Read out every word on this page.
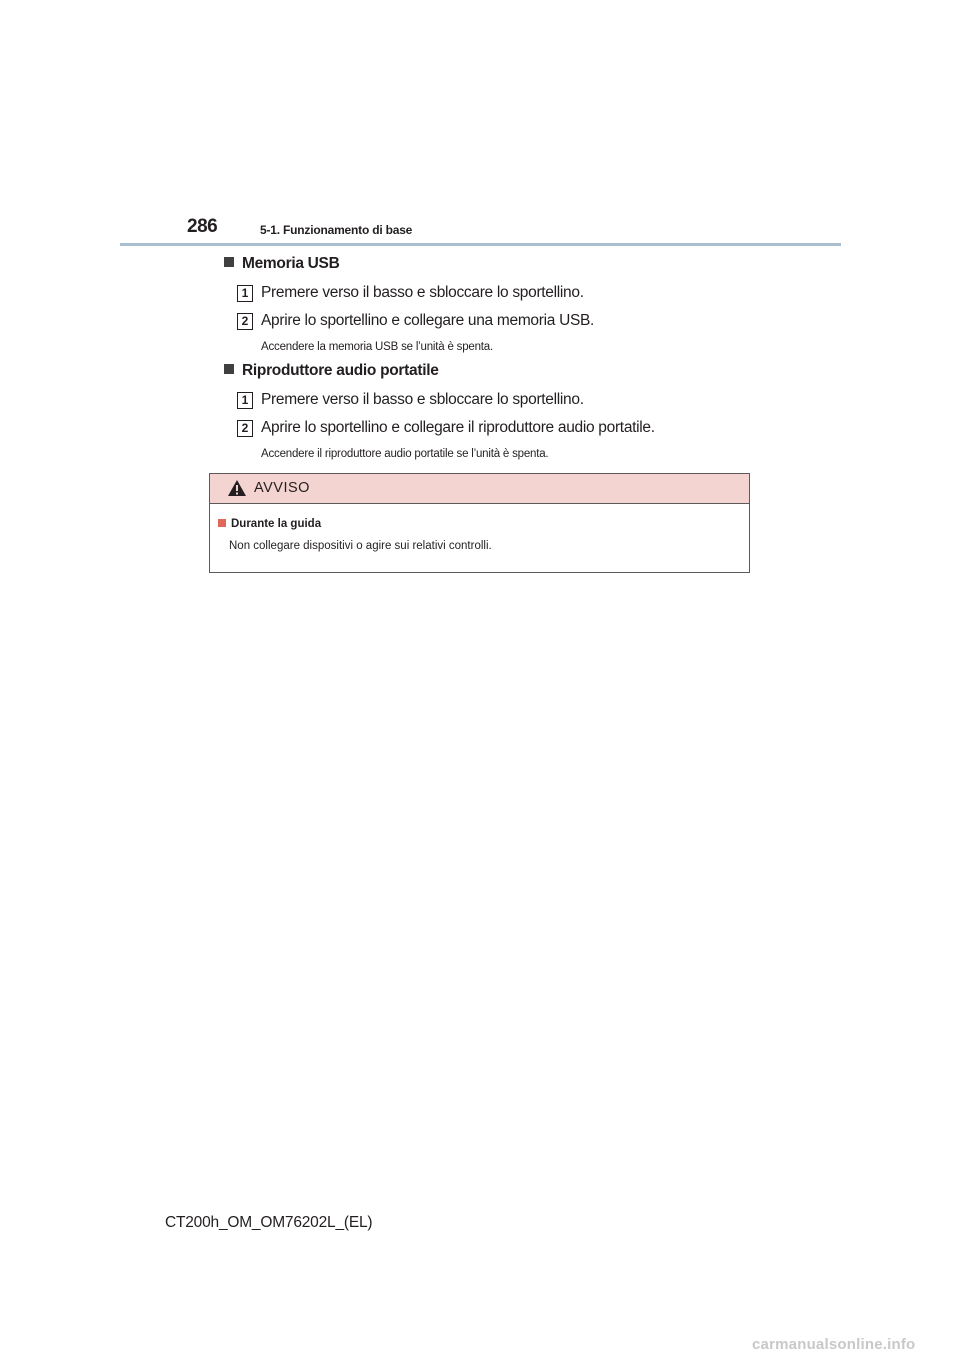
286	5-1. Funzionamento di base
Memoria USB
1 Premere verso il basso e sbloccare lo sportellino.
2 Aprire lo sportellino e collegare una memoria USB.
Accendere la memoria USB se l’unità è spenta.
Riproduttore audio portatile
1 Premere verso il basso e sbloccare lo sportellino.
2 Aprire lo sportellino e collegare il riproduttore audio portatile.
Accendere il riproduttore audio portatile se l’unità è spenta.
AVVISO
Durante la guida
Non collegare dispositivi o agire sui relativi controlli.
CT200h_OM_OM76202L_(EL)
carmanualsonline.info
